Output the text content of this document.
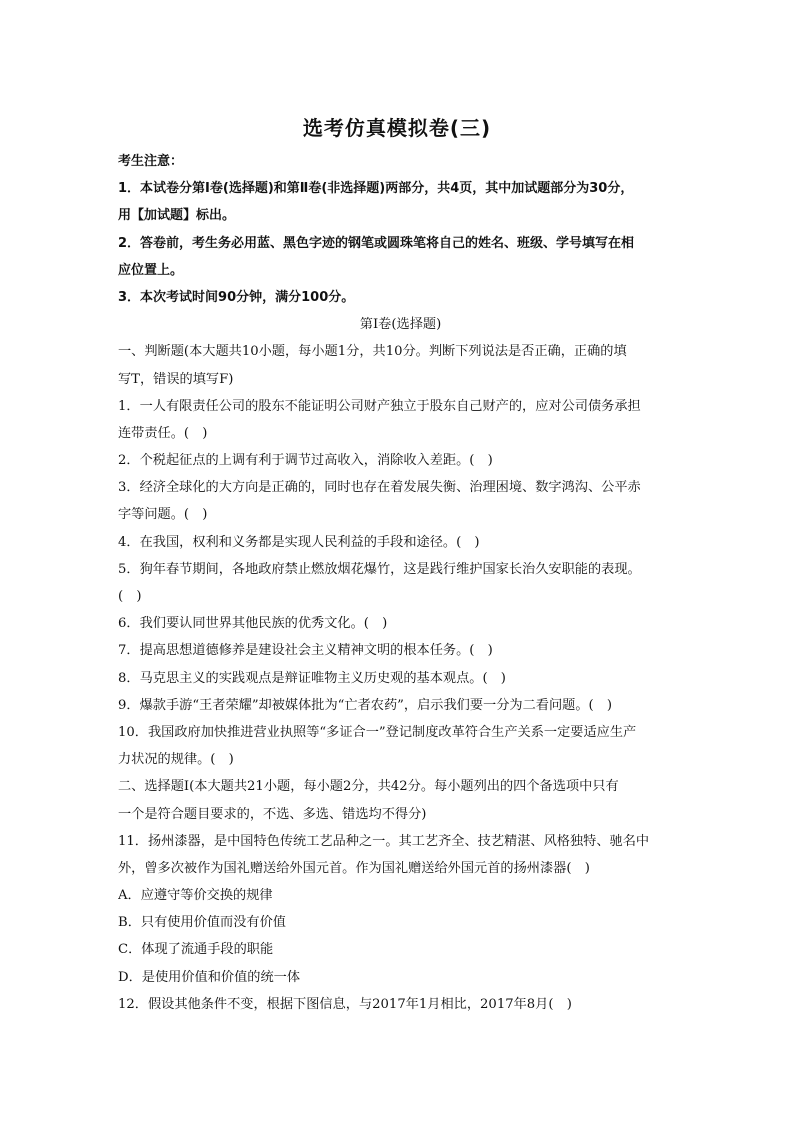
选考仿真模拟卷(三)
考生注意：
1．本试卷分第Ⅰ卷(选择题)和第Ⅱ卷(非选择题)两部分，共4页，其中加试题部分为30分，
用【加试题】标出。
2．答卷前，考生务必用蓝、黑色字迹的钢笔或圆珠笔将自己的姓名、班级、学号填写在相
应位置上。
3．本次考试时间90分钟，满分100分。
第Ⅰ卷(选择题)
一、判断题(本大题共10小题，每小题1分，共10分。判断下列说法是否正确，正确的填
写T，错误的填写F)
1．一人有限责任公司的股东不能证明公司财产独立于股东自己财产的，应对公司债务承担
连带责任。(　)
2．个税起征点的上调有利于调节过高收入，消除收入差距。(　)
3．经济全球化的大方向是正确的，同时也存在着发展失衡、治理困境、数字鸿沟、公平赤
字等问题。(　)
4．在我国，权利和义务都是实现人民利益的手段和途径。(　)
5．狗年春节期间，各地政府禁止燃放烟花爆竹，这是践行维护国家长治久安职能的表现。
(　)
6．我们要认同世界其他民族的优秀文化。(　)
7．提高思想道德修养是建设社会主义精神文明的根本任务。(　)
8．马克思主义的实践观点是辩证唯物主义历史观的基本观点。(　)
9．爆款手游“王者荣耀”却被媒体批为“亡者农药”，启示我们要一分为二看问题。(　)
10．我国政府加快推进营业执照等“多证合一”登记制度改革符合生产关系一定要适应生产
力状况的规律。(　)
二、选择题Ⅰ(本大题共21小题，每小题2分，共42分。每小题列出的四个备选项中只有
一个是符合题目要求的，不选、多选、错选均不得分)
11．扬州漆器，是中国特色传统工艺品种之一。其工艺齐全、技艺精湛、风格独特、驰名中
外，曾多次被作为国礼赠送给外国元首。作为国礼赠送给外国元首的扬州漆器(　)
A．应遵守等价交换的规律
B．只有使用价值而没有价值
C．体现了流通手段的职能
D．是使用价值和价值的统一体
12．假设其他条件不变，根据下图信息，与2017年1月相比，2017年8月(　)
